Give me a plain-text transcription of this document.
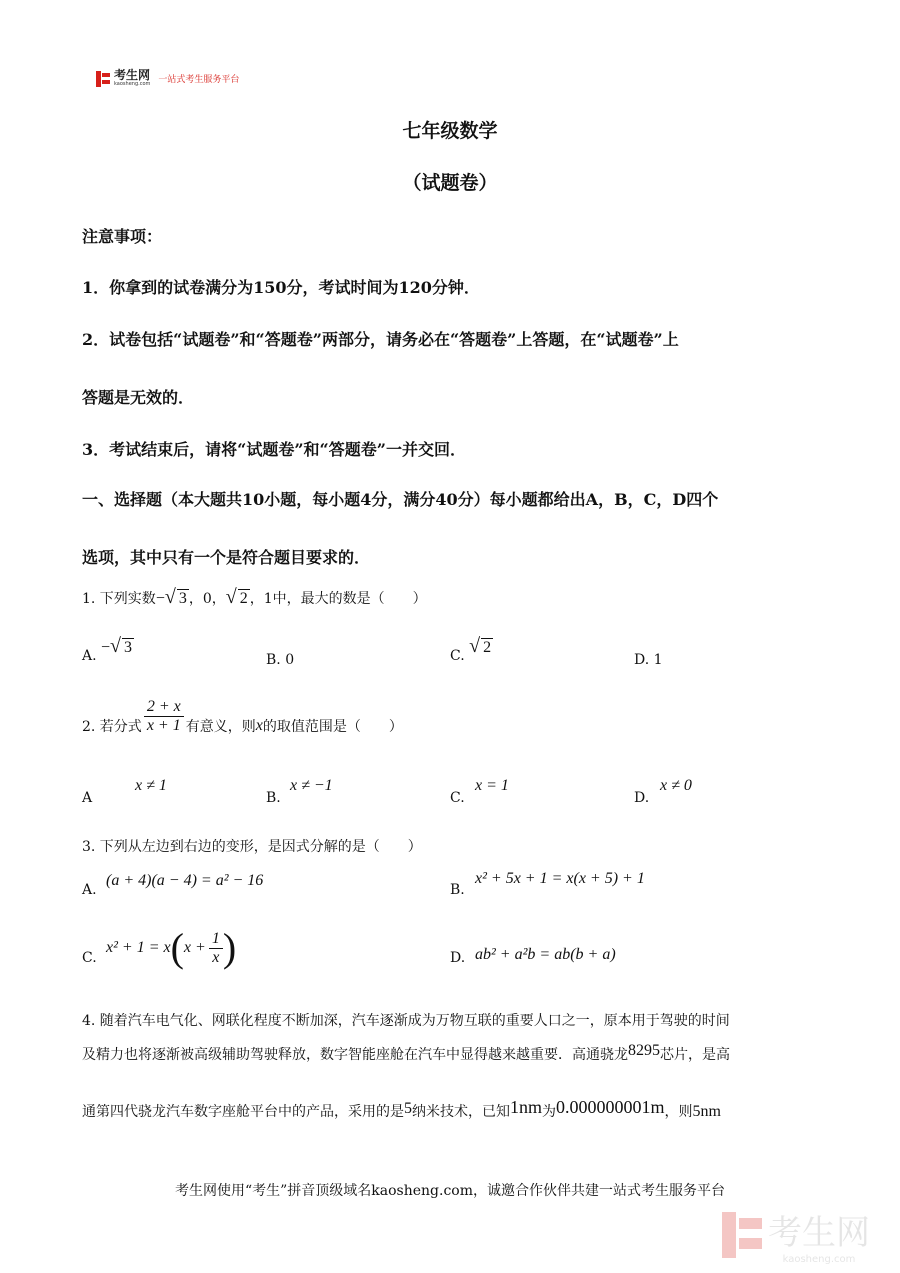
考生网
kaosheng.com 一站式考生服务平台
七年级数学
（试题卷）
注意事项：
1．你拿到的试卷满分为150分，考试时间为120分钟．
2．试卷包括“试题卷”和“答题卷”两部分，请务必在“答题卷”上答题，在“试题卷”上
答题是无效的．
3．考试结束后，请将“试题卷”和“答题卷”一并交回．
一、选择题（本大题共10小题，每小题4分，满分40分）每小题都给出A，B，C，D四个
选项，其中只有一个是符合题目要求的．
1. 下列实数− √ 3 ，0， √ 2 ，1中，最大的数是（　　）
A. − √ 3
B. 0	C. √ 2
D. 1
2. 若分式 $\frac{2 + x}{x + 1}$ 有意义，则 x 的取值范围是（　　）
A
x ≠ 1
B.
x ≠ −1
C.
x = 1
D.
x ≠ 0
3. 下列从左边到右边的变形，是因式分解的是（　　）
A.
(a + 4)(a − 4) = a² − 16
B.
x² + 5x + 1 = x(x + 5) + 1
C.
x² + 1 = x ( $x + \frac{1}{x}$ )	D. ab² + a²b = ab(b + a)
4. 随着汽车电气化、网联化程度不断加深，汽车逐渐成为万物互联的重要人口之一，原本用于驾驶的时间
及精力也将逐渐被高级辅助驾驶释放，数字智能座舱在汽车中显得越来越重要．高通骁龙8295芯片，是高
通第四代骁龙汽车数字座舱平台中的产品，采用的是5纳米技术，已知1nm为0.000000001m，则5nm
考生网使用“考生”拼音顶级域名kaosheng.com，诚邀合作伙伴共建一站式考生服务平台
考生网
kaosheng.com
